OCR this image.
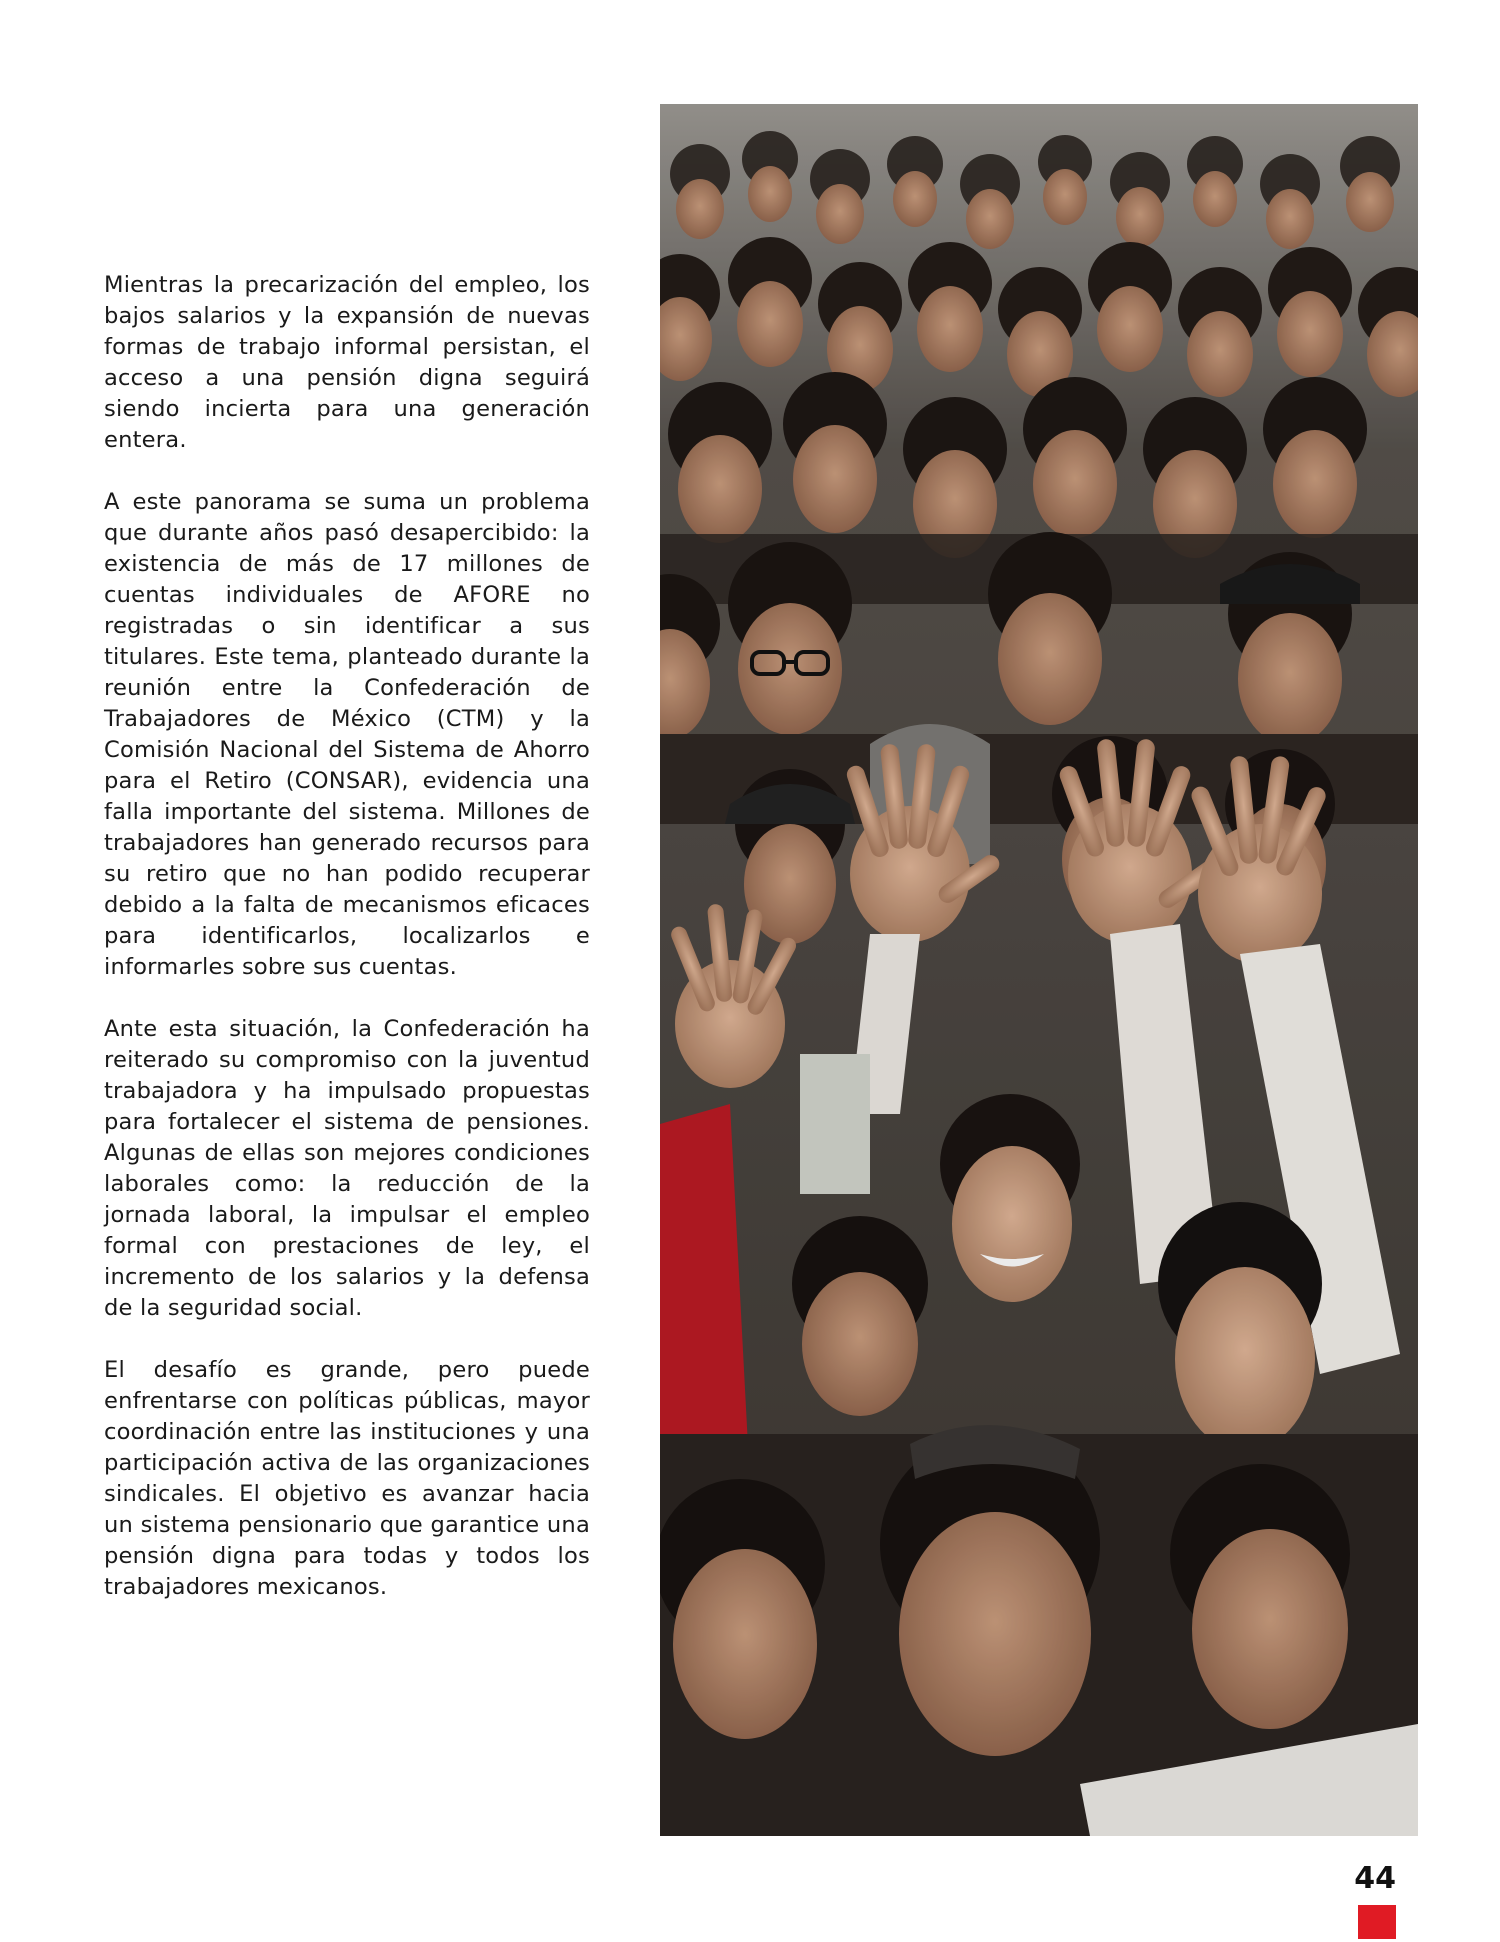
Mientras la precarización del empleo, los bajos salarios y la expansión de nuevas formas de trabajo informal persistan, el acceso a una pensión digna seguirá siendo incierta para una generación entera.

A este panorama se suma un problema que durante años pasó desapercibido: la existencia de más de 17 millones de cuentas individuales de AFORE no registradas o sin identificar a sus titulares. Este tema, planteado durante la reunión entre la Confederación de Trabajadores de México (CTM) y la Comisión Nacional del Sistema de Ahorro para el Retiro (CONSAR), evidencia una falla importante del sistema. Millones de trabajadores han generado recursos para su retiro que no han podido recuperar debido a la falta de mecanismos eficaces para identificarlos, localizarlos e informarles sobre sus cuentas.

Ante esta situación, la Confederación ha reiterado su compromiso con la juventud trabajadora y ha impulsado propuestas para fortalecer el sistema de pensiones. Algunas de ellas son mejores condiciones laborales como: la reducción de la jornada laboral, la impulsar el empleo formal con prestaciones de ley, el incremento de los salarios y la defensa de la seguridad social.

El desafío es grande, pero puede enfrentarse con políticas públicas, mayor coordinación entre las instituciones y una participación activa de las organizaciones sindicales. El objetivo es avanzar hacia un sistema pensionario que garantice una pensión digna para todas y todos los trabajadores mexicanos.

44
